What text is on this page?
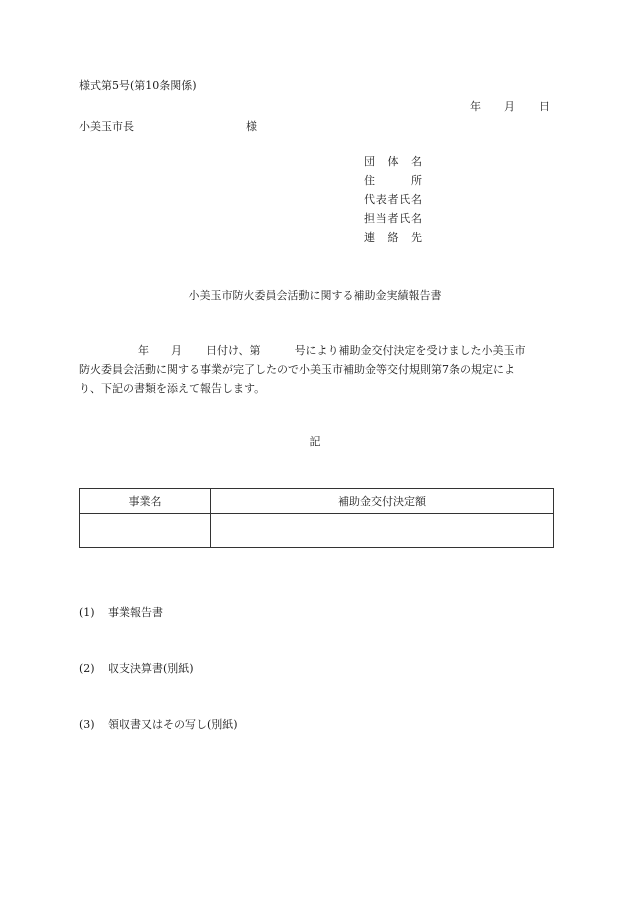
様式第5号(第10条関係)
年 月 日
小美玉市長	様
団体名
住所
代表者氏名
担当者氏名
連絡先
小美玉市防火委員会活動に関する補助金実績報告書
年 月 日付け、第	号により補助金交付決定を受けました小美玉市
防火委員会活動に関する事業が完了したので小美玉市補助金等交付規則第7条の規定によ
り、下記の書類を添えて報告します。
記
事業名	補助金交付決定額

(1) 事業報告書
(2) 収支決算書(別紙)
(3) 領収書又はその写し(別紙)
